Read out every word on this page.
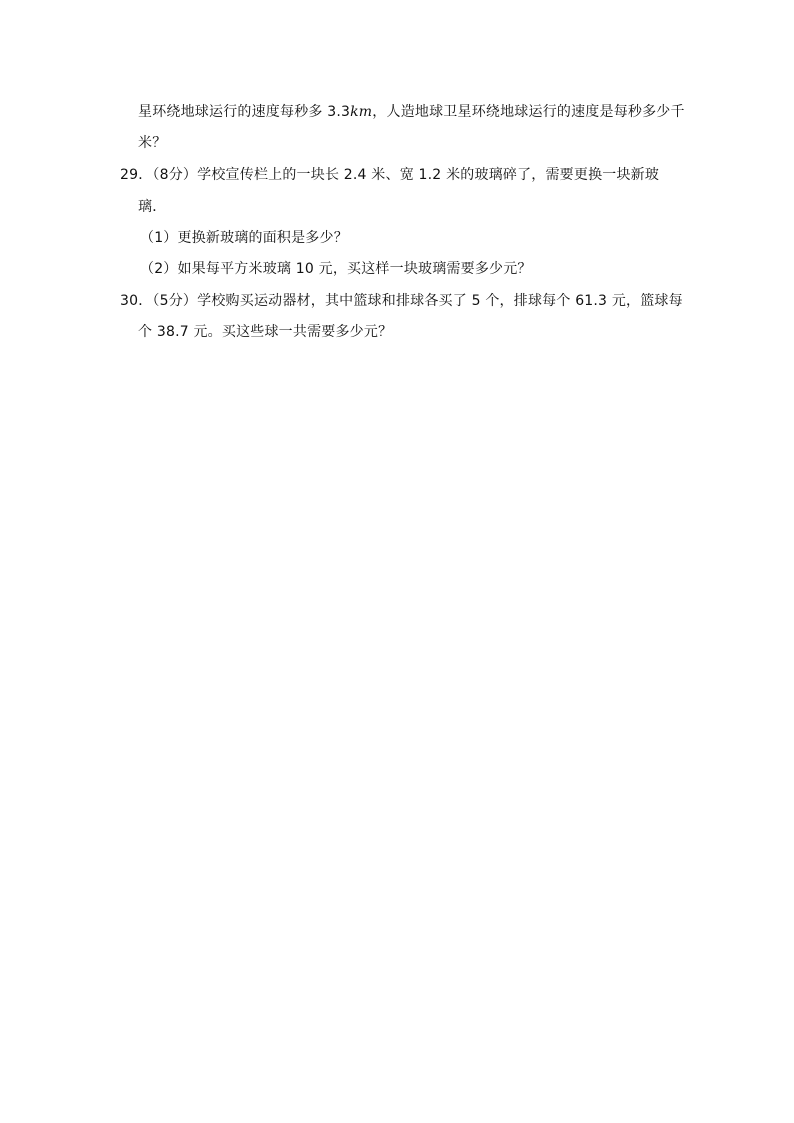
星环绕地球运行的速度每秒多 3.3km，人造地球卫星环绕地球运行的速度是每秒多少千
米？
29．（8分）学校宣传栏上的一块长 2.4 米、宽 1.2 米的玻璃碎了，需要更换一块新玻
璃．
（1）更换新玻璃的面积是多少？
（2）如果每平方米玻璃 10 元，买这样一块玻璃需要多少元？
30．（5分）学校购买运动器材，其中篮球和排球各买了 5 个，排球每个 61.3 元，篮球每
个 38.7 元。买这些球一共需要多少元？
